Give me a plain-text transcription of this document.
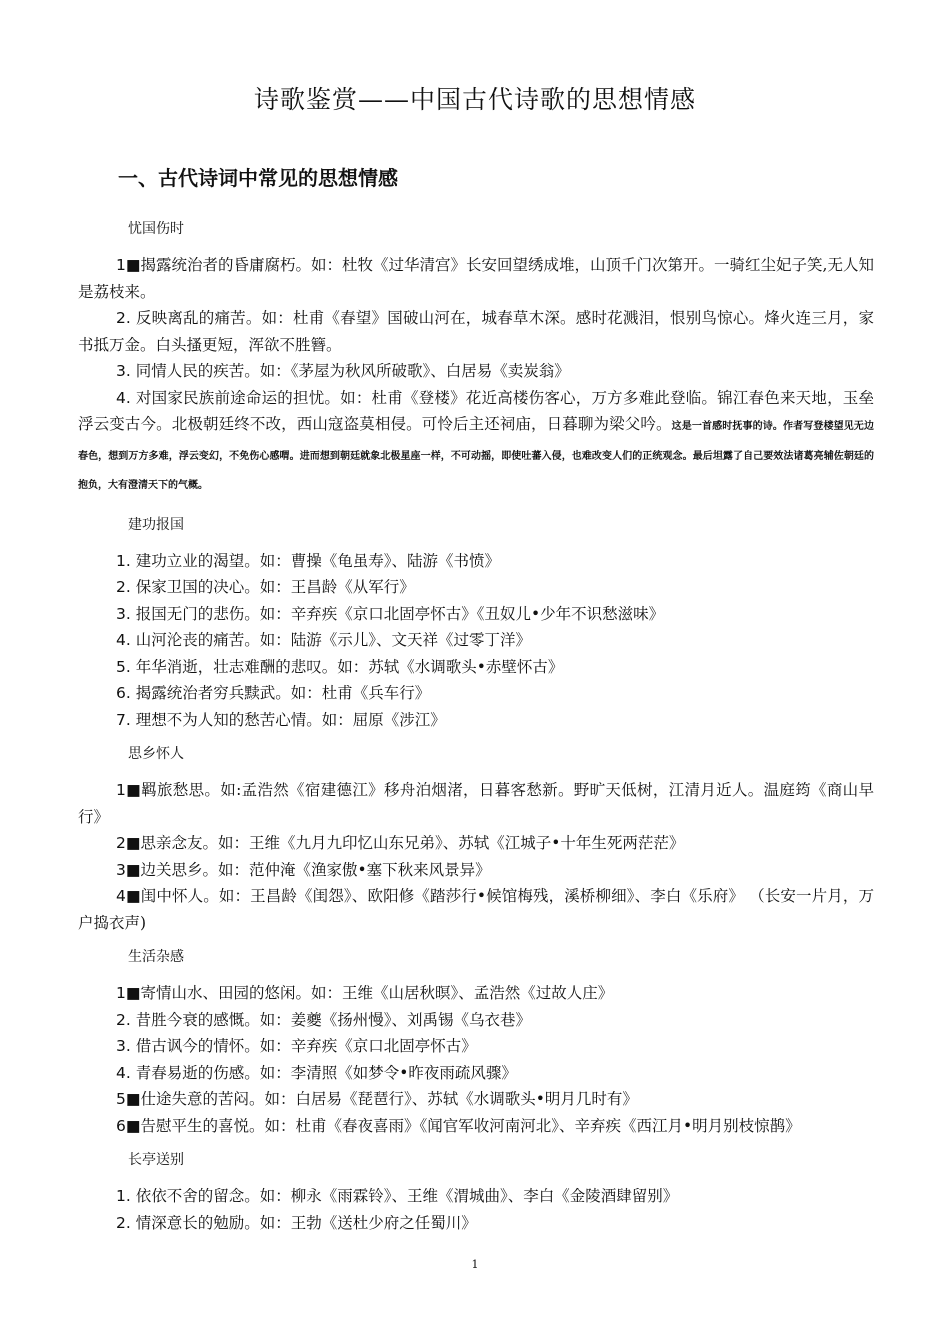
诗歌鉴赏——中国古代诗歌的思想情感
一、古代诗词中常见的思想情感
忧国伤时

1■揭露统治者的昏庸腐朽。如：杜牧《过华清宫》长安回望绣成堆，山顶千门次第开。一骑红尘妃子笑,无人知是荔枝来。

2. 反映离乱的痛苦。如：杜甫《春望》国破山河在，城春草木深。感时花溅泪，恨别鸟惊心。烽火连三月，家书抵万金。白头搔更短，浑欲不胜簪。

3. 同情人民的疾苦。如：《茅屋为秋风所破歌》、白居易《卖炭翁》

4. 对国家民族前途命运的担忧。如：杜甫《登楼》花近高楼伤客心，万方多难此登临。锦江春色来天地，玉垒浮云变古今。北极朝廷终不改，西山寇盗莫相侵。可怜后主还祠庙，日暮聊为梁父吟。这是一首感时抚事的诗。作者写登楼望见无边春色，想到万方多难，浮云变幻，不免伤心感喟。进而想到朝廷就象北极星座一样，不可动摇，即使吐蕃入侵，也难改变人们的正统观念。最后坦露了自己要效法诸葛亮辅佐朝廷的抱负，大有澄清天下的气概。

建功报国

1. 建功立业的渴望。如：曹操《龟虽寿》、陆游《书愤》

2. 保家卫国的决心。如：王昌龄《从军行》

3. 报国无门的悲伤。如：辛弃疾《京口北固亭怀古》《丑奴儿•少年不识愁滋味》

4. 山河沦丧的痛苦。如：陆游《示儿》、文天祥《过零丁洋》

5. 年华消逝，壮志难酬的悲叹。如：苏轼《水调歌头•赤壁怀古》

6. 揭露统治者穷兵黩武。如：杜甫《兵车行》

7. 理想不为人知的愁苦心情。如：屈原《涉江》

思乡怀人

1■羁旅愁思。如:孟浩然《宿建德江》移舟泊烟渚，日暮客愁新。野旷天低树，江清月近人。温庭筠《商山早行》

2■思亲念友。如：王维《九月九印忆山东兄弟》、苏轼《江城子•十年生死两茫茫》

3■边关思乡。如：范仲淹《渔家傲•塞下秋来风景异》

4■闺中怀人。如：王昌龄《闺怨》、欧阳修《踏莎行•候馆梅残，溪桥柳细》、李白《乐府》 （长安一片月，万户捣衣声)

生活杂感

1■寄情山水、田园的悠闲。如：王维《山居秋暝》、孟浩然《过故人庄》

2. 昔胜今衰的感慨。如：姜夔《扬州慢》、刘禹锡《乌衣巷》

3. 借古讽今的情怀。如：辛弃疾《京口北固亭怀古》

4. 青春易逝的伤感。如：李清照《如梦令•昨夜雨疏风骤》

5■仕途失意的苦闷。如：白居易《琵琶行》、苏轼《水调歌头•明月几时有》

6■告慰平生的喜悦。如：杜甫《春夜喜雨》《闻官军收河南河北》、辛弃疾《西江月•明月别枝惊鹊》

长亭送别

1. 依依不舍的留念。如：柳永《雨霖铃》、王维《渭城曲》、李白《金陵酒肆留别》

2. 情深意长的勉励。如：王勃《送杜少府之任蜀川》

1
